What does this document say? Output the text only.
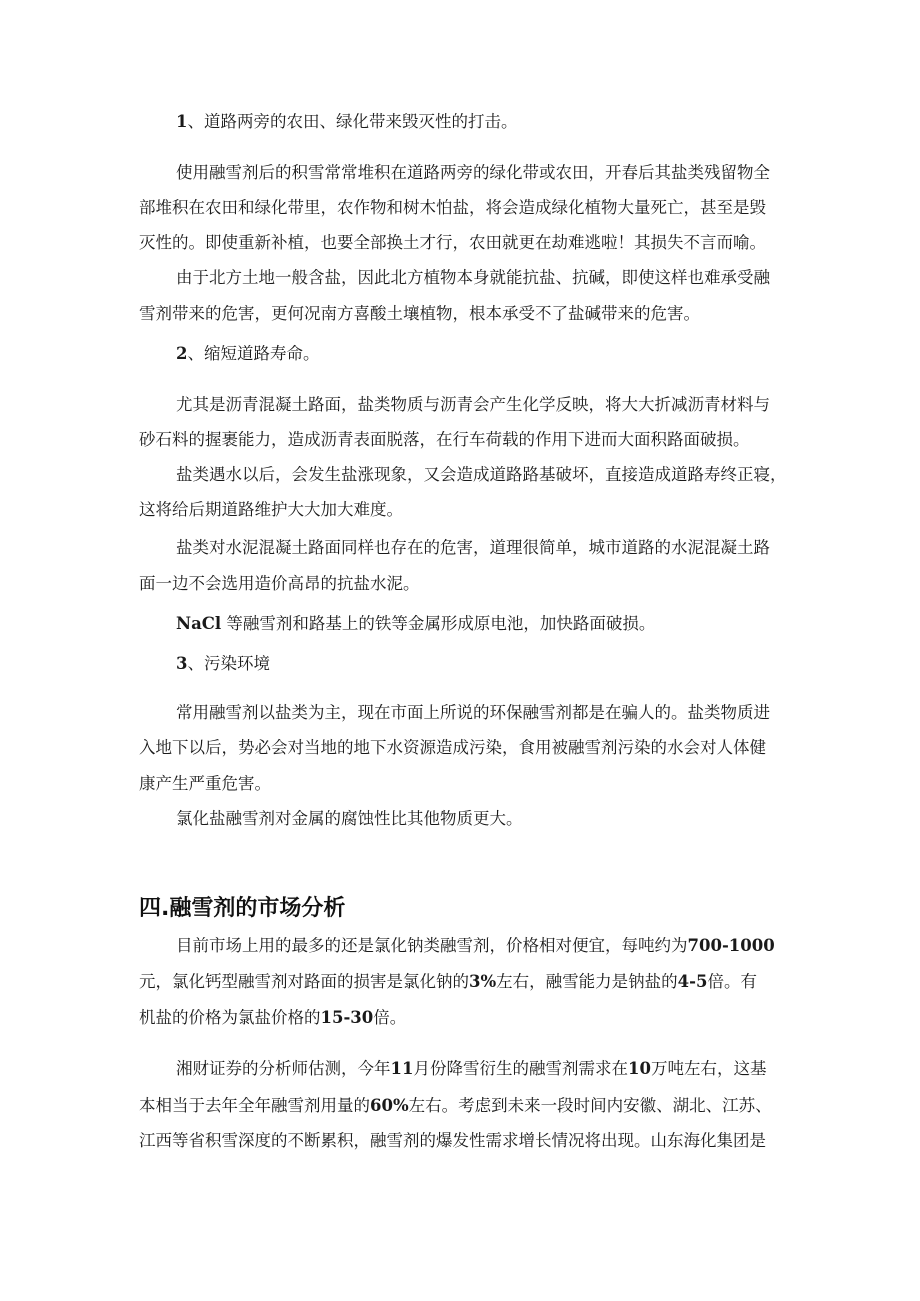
1、道路两旁的农田、绿化带来毁灭性的打击。

使用融雪剂后的积雪常常堆积在道路两旁的绿化带或农田，开春后其盐类残留物全

部堆积在农田和绿化带里，农作物和树木怕盐，将会造成绿化植物大量死亡，甚至是毁

灭性的。即使重新补植，也要全部换土才行，农田就更在劫难逃啦！其损失不言而喻。

由于北方土地一般含盐，因此北方植物本身就能抗盐、抗碱，即使这样也难承受融

雪剂带来的危害，更何况南方喜酸土壤植物，根本承受不了盐碱带来的危害。

2、缩短道路寿命。

尤其是沥青混凝土路面，盐类物质与沥青会产生化学反映，将大大折减沥青材料与

砂石料的握裹能力，造成沥青表面脱落，在行车荷载的作用下进而大面积路面破损。

盐类遇水以后，会发生盐涨现象，又会造成道路路基破坏，直接造成道路寿终正寝，

这将给后期道路维护大大加大难度。

盐类对水泥混凝土路面同样也存在的危害，道理很简单，城市道路的水泥混凝土路

面一边不会选用造价高昂的抗盐水泥。

NaCl 等融雪剂和路基上的铁等金属形成原电池，加快路面破损。

3、污染环境

常用融雪剂以盐类为主，现在市面上所说的环保融雪剂都是在骗人的。盐类物质进

入地下以后，势必会对当地的地下水资源造成污染，食用被融雪剂污染的水会对人体健

康产生严重危害。

氯化盐融雪剂对金属的腐蚀性比其他物质更大。

四.融雪剂的市场分析

目前市场上用的最多的还是氯化钠类融雪剂，价格相对便宜，每吨约为700-1000

元，氯化钙型融雪剂对路面的损害是氯化钠的3%左右，融雪能力是钠盐的4-5倍。有

机盐的价格为氯盐价格的15-30倍。

湘财证券的分析师估测，今年11月份降雪衍生的融雪剂需求在10万吨左右，这基

本相当于去年全年融雪剂用量的60%左右。考虑到未来一段时间内安徽、湖北、江苏、

江西等省积雪深度的不断累积，融雪剂的爆发性需求增长情况将出现。山东海化集团是
